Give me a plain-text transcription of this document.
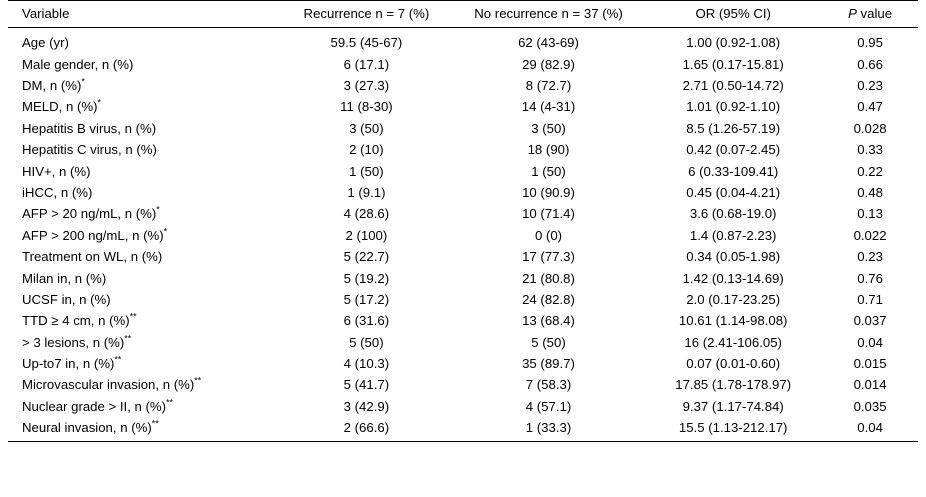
Variable	Recurrence n = 7 (%)	No recurrence n = 37 (%)	OR (95% CI)	P value
Age (yr)	59.5 (45-67)	62 (43-69)	1.00 (0.92-1.08)	0.95
Male gender, n (%)	6 (17.1)	29 (82.9)	1.65 (0.17-15.81)	0.66
DM, n (%)*	3 (27.3)	8 (72.7)	2.71 (0.50-14.72)	0.23
MELD, n (%)*	11 (8-30)	14 (4-31)	1.01 (0.92-1.10)	0.47
Hepatitis B virus, n (%)	3 (50)	3 (50)	8.5 (1.26-57.19)	0.028
Hepatitis C virus, n (%)	2 (10)	18 (90)	0.42 (0.07-2.45)	0.33
HIV+, n (%)	1 (50)	1 (50)	6 (0.33-109.41)	0.22
iHCC, n (%)	1 (9.1)	10 (90.9)	0.45 (0.04-4.21)	0.48
AFP > 20 ng/mL, n (%)*	4 (28.6)	10 (71.4)	3.6 (0.68-19.0)	0.13
AFP > 200 ng/mL, n (%)*	2 (100)	0 (0)	1.4 (0.87-2.23)	0.022
Treatment on WL, n (%)	5 (22.7)	17 (77.3)	0.34 (0.05-1.98)	0.23
Milan in, n (%)	5 (19.2)	21 (80.8)	1.42 (0.13-14.69)	0.76
UCSF in, n (%)	5 (17.2)	24 (82.8)	2.0 (0.17-23.25)	0.71
TTD ≥ 4 cm, n (%)**	6 (31.6)	13 (68.4)	10.61 (1.14-98.08)	0.037
> 3 lesions, n (%)**	5 (50)	5 (50)	16 (2.41-106.05)	0.04
Up-to7 in, n (%)**	4 (10.3)	35 (89.7)	0.07 (0.01-0.60)	0.015
Microvascular invasion, n (%)**	5 (41.7)	7 (58.3)	17.85 (1.78-178.97)	0.014
Nuclear grade > II, n (%)**	3 (42.9)	4 (57.1)	9.37 (1.17-74.84)	0.035
Neural invasion, n (%)**	2 (66.6)	1 (33.3)	15.5 (1.13-212.17)	0.04
